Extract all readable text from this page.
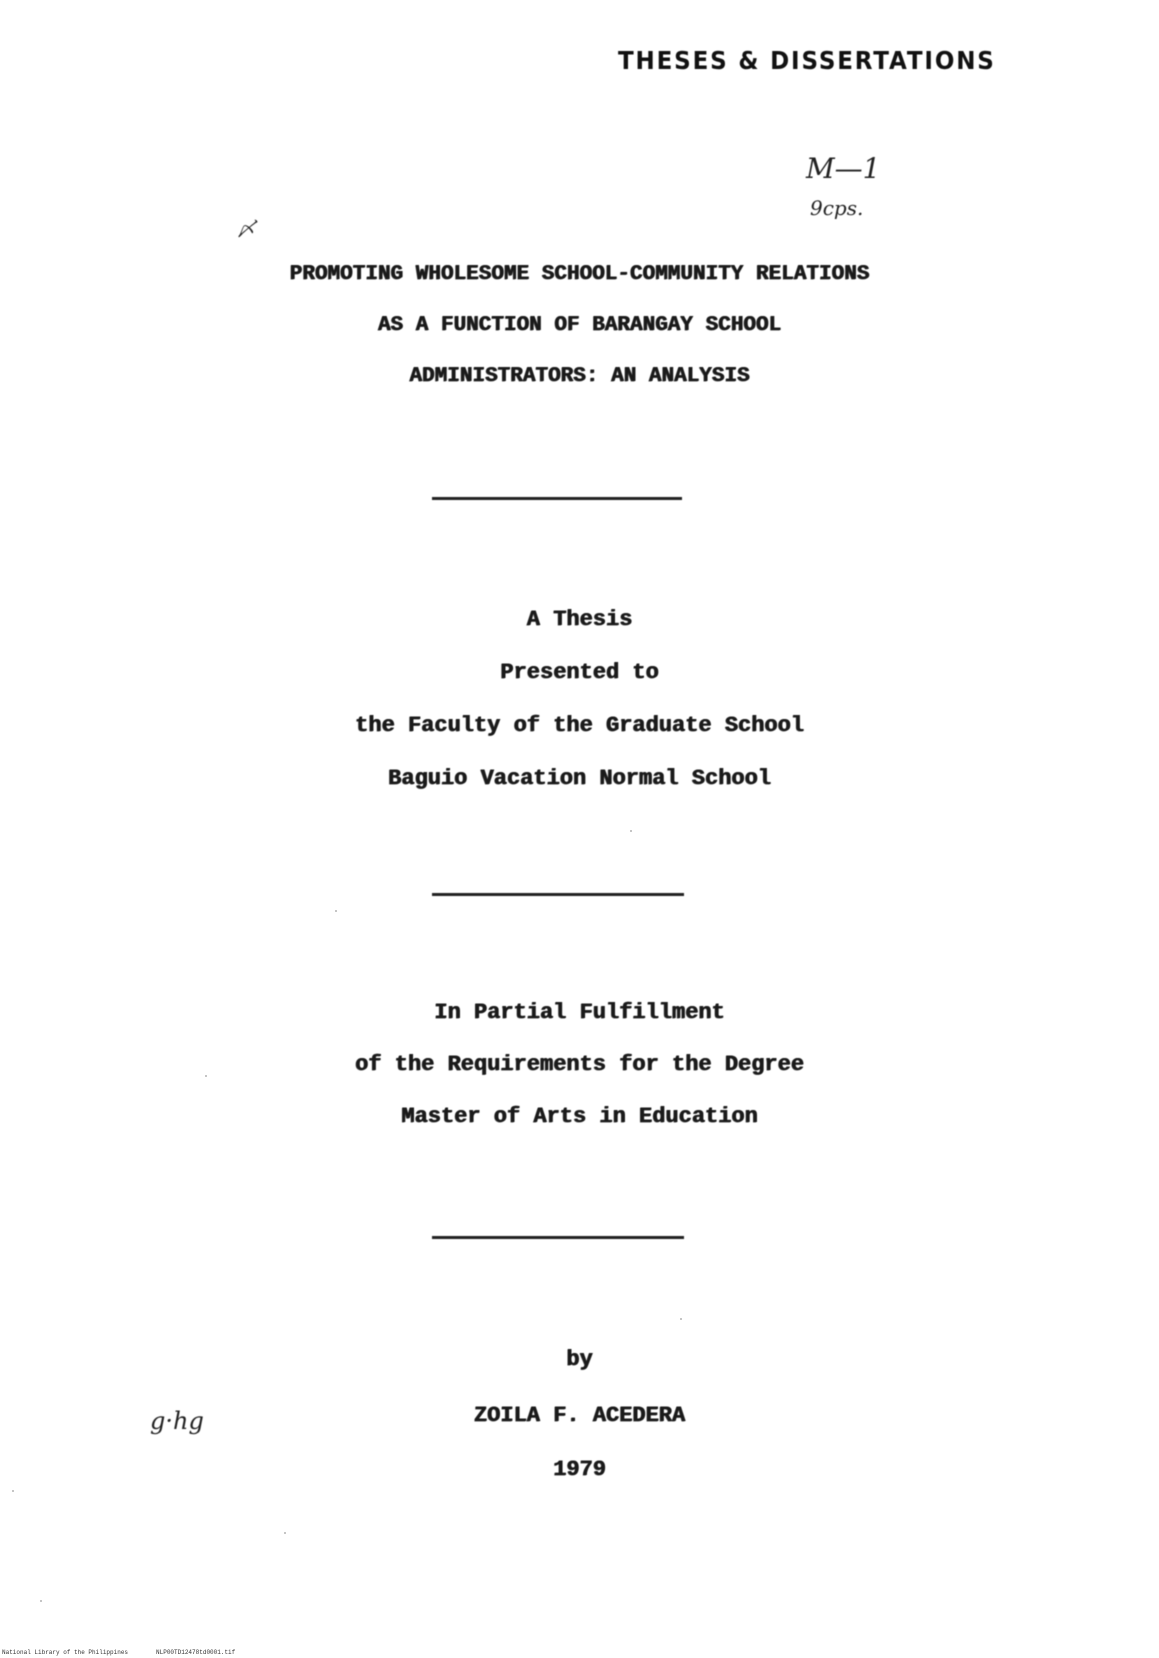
THESES & DISSERTATIONS
M—1
9cps.
〆
PROMOTING WHOLESOME SCHOOL-COMMUNITY RELATIONS
AS A FUNCTION OF BARANGAY SCHOOL
ADMINISTRATORS: AN ANALYSIS
A Thesis
Presented to
the Faculty of the Graduate School
Baguio Vacation Normal School
In Partial Fulfillment
of the Requirements for the Degree
Master of Arts in Education
by
ZOILA F. ACEDERA
1979
g·hg
National Library of the Philippines	NLP00TD12478td0001.tif
